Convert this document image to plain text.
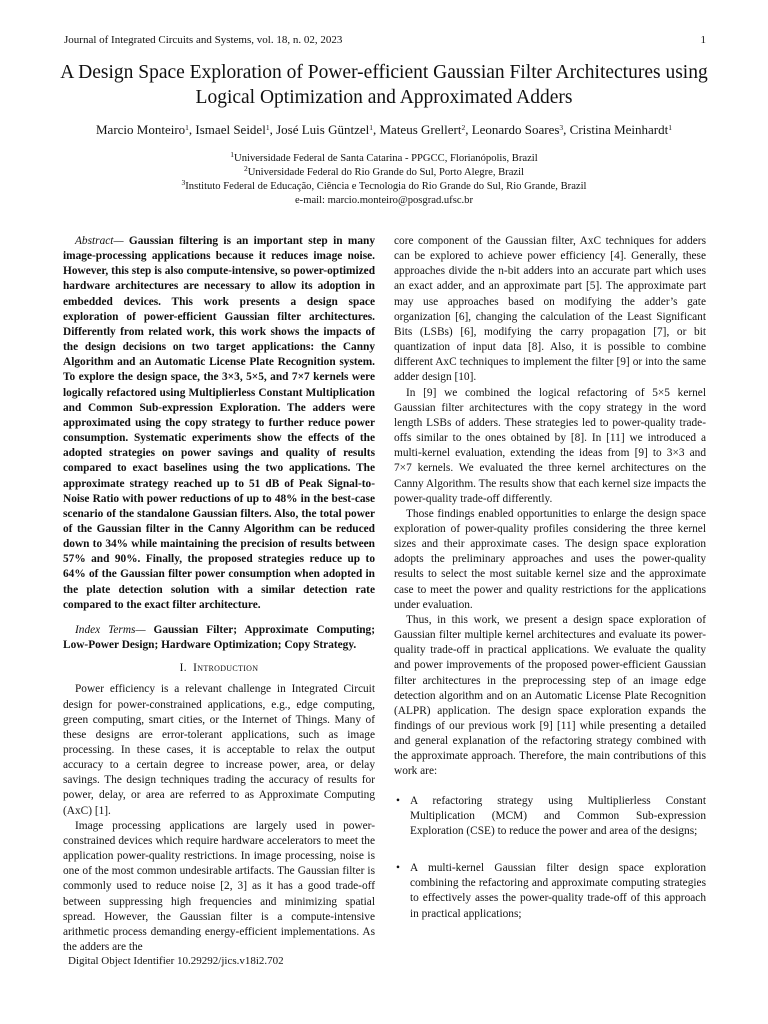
Journal of Integrated Circuits and Systems, vol. 18, n. 02, 2023	1
A Design Space Exploration of Power-efficient Gaussian Filter Architectures using Logical Optimization and Approximated Adders
Marcio Monteiro$^1$, Ismael Seidel$^1$, José Luis Güntzel$^1$, Mateus Grellert$^2$, Leonardo Soares$^3$, Cristina Meinhardt$^1$
$^1$Universidade Federal de Santa Catarina - PPGCC, Florianópolis, Brazil
$^2$Universidade Federal do Rio Grande do Sul, Porto Alegre, Brazil
$^3$Instituto Federal de Educação, Ciência e Tecnologia do Rio Grande do Sul, Rio Grande, Brazil
e-mail: marcio.monteiro@posgrad.ufsc.br

Abstract— Gaussian filtering is an important step in many image-processing applications because it reduces image noise. However, this step is also compute-intensive, so power-optimized hardware architectures are necessary to allow its adoption in embedded devices. This work presents a design space exploration of power-efficient Gaussian filter architectures. Differently from related work, this work shows the impacts of the design decisions on two target applications: the Canny Algorithm and an Automatic License Plate Recognition system. To explore the design space, the 3×3, 5×5, and 7×7 kernels were logically refactored using Multiplierless Constant Multiplication and Common Sub-expression Exploration. The adders were approximated using the copy strategy to further reduce power consumption. Systematic experiments show the effects of the adopted strategies on power savings and quality of results compared to exact baselines using the two applications. The approximate strategy reached up to 51 dB of Peak Signal-to-Noise Ratio with power reductions of up to 48% in the best-case scenario of the standalone Gaussian filters. Also, the total power of the Gaussian filter in the Canny Algorithm can be reduced down to 34% while maintaining the precision of results between 57% and 90%. Finally, the proposed strategies reduce up to 64% of the Gaussian filter power consumption when adopted in the plate detection solution with a similar detection rate compared to the exact filter architecture.

Index Terms— Gaussian Filter; Approximate Computing; Low-Power Design; Hardware Optimization; Copy Strategy.

I. Introduction

Power efficiency is a relevant challenge in Integrated Circuit design for power-constrained applications, e.g., edge computing, green computing, smart cities, or the Internet of Things. Many of these designs are error-tolerant applications, such as image processing. In these cases, it is acceptable to relax the output accuracy to a certain degree to increase power, area, or delay savings. The design techniques trading the accuracy of results for power, delay, or area are referred to as Approximate Computing (AxC) [1].

Image processing applications are largely used in power-constrained devices which require hardware accelerators to meet the application power-quality restrictions. In image processing, noise is one of the most common undesirable artifacts. The Gaussian filter is commonly used to reduce noise [2, 3] as it has a good trade-off between suppressing high frequencies and minimizing spatial spread. However, the Gaussian filter is a compute-intensive arithmetic process demanding energy-efficient implementations. As the adders are the

core component of the Gaussian filter, AxC techniques for adders can be explored to achieve power efficiency [4]. Generally, these approaches divide the n-bit adders into an accurate part which uses an exact adder, and an approximate part [5]. The approximate part may use approaches based on modifying the adder’s gate organization [6], changing the calculation of the Least Significant Bits (LSBs) [6], modifying the carry propagation [7], or bit quantization of input data [8]. Also, it is possible to combine different AxC techniques to implement the filter [9] or into the same adder design [10].

In [9] we combined the logical refactoring of 5×5 kernel Gaussian filter architectures with the copy strategy in the word length LSBs of adders. These strategies led to power-quality trade-offs similar to the ones obtained by [8]. In [11] we introduced a multi-kernel evaluation, extending the ideas from [9] to 3×3 and 7×7 kernels. We evaluated the three kernel architectures on the Canny Algorithm. The results show that each kernel size impacts the power-quality trade-off differently.

Those findings enabled opportunities to enlarge the design space exploration of power-quality profiles considering the three kernel sizes and their approximate cases. The design space exploration adopts the preliminary approaches and uses the power-quality results to select the most suitable kernel size and the approximate case to meet the power and quality restrictions for the applications under evaluation.

Thus, in this work, we present a design space exploration of Gaussian filter multiple kernel architectures and evaluate its power-quality trade-off in practical applications. We evaluate the quality and power improvements of the proposed power-efficient Gaussian filter architectures in the preprocessing step of an image edge detection algorithm and on an Automatic License Plate Recognition (ALPR) application. The design space exploration expands the findings of our previous work [9] [11] while presenting a detailed and general explanation of the refactoring strategy combined with the approximate approach. Therefore, the main contributions of this work are:

• A refactoring strategy using Multiplierless Constant Multiplication (MCM) and Common Sub-expression Exploration (CSE) to reduce the power and area of the designs;
• A multi-kernel Gaussian filter design space exploration combining the refactoring and approximate computing strategies to effectively asses the power-quality trade-off of this approach in practical applications;
Digital Object Identifier 10.29292/jics.v18i2.702
